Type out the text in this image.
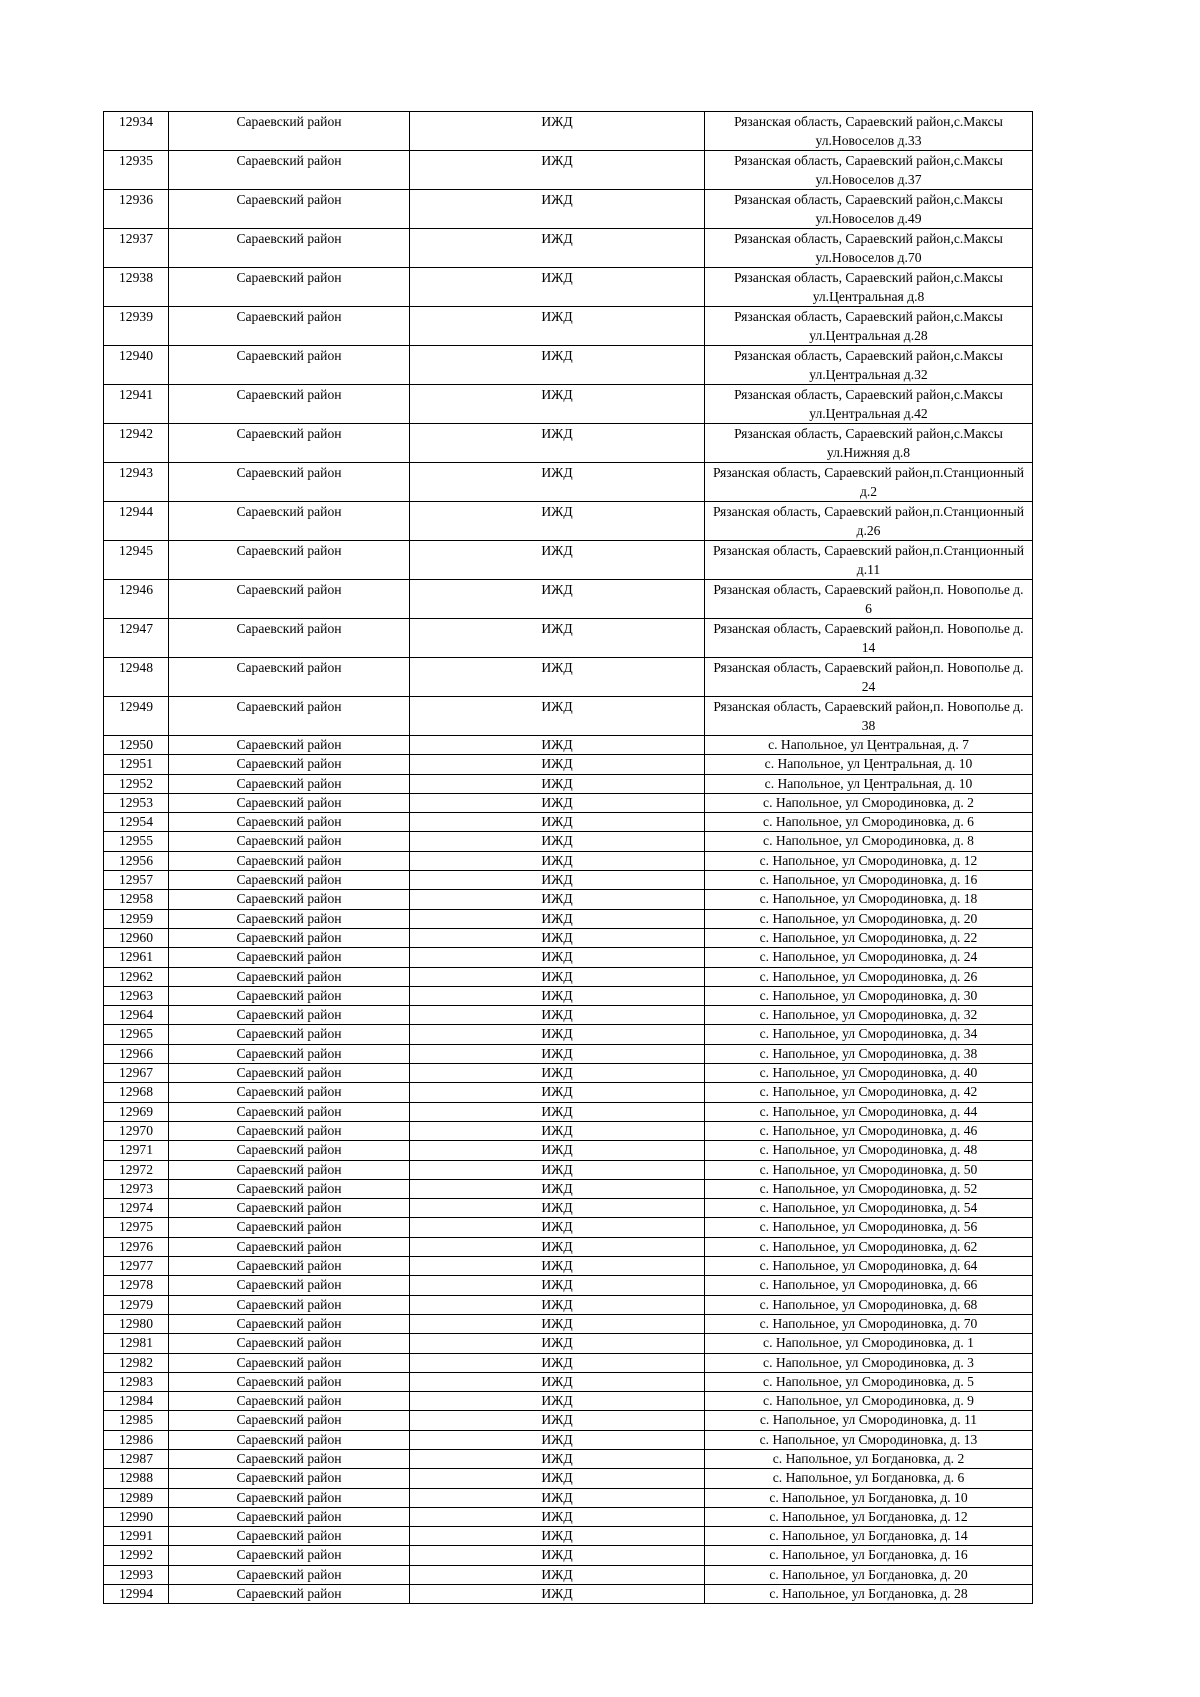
12934	Сараевский район	ИЖД	Рязанская область, Сараевский район,с.Максы ул.Новоселов д.33
12935	Сараевский район	ИЖД	Рязанская область, Сараевский район,с.Максы ул.Новоселов д.37
12936	Сараевский район	ИЖД	Рязанская область, Сараевский район,с.Максы ул.Новоселов д.49
12937	Сараевский район	ИЖД	Рязанская область, Сараевский район,с.Максы ул.Новоселов д.70
12938	Сараевский район	ИЖД	Рязанская область, Сараевский район,с.Максы ул.Центральная д.8
12939	Сараевский район	ИЖД	Рязанская область, Сараевский район,с.Максы ул.Центральная д.28
12940	Сараевский район	ИЖД	Рязанская область, Сараевский район,с.Максы ул.Центральная д.32
12941	Сараевский район	ИЖД	Рязанская область, Сараевский район,с.Максы ул.Центральная д.42
12942	Сараевский район	ИЖД	Рязанская область, Сараевский район,с.Максы ул.Нижняя д.8
12943	Сараевский район	ИЖД	Рязанская область, Сараевский район,п.Станционный д.2
12944	Сараевский район	ИЖД	Рязанская область, Сараевский район,п.Станционный д.26
12945	Сараевский район	ИЖД	Рязанская область, Сараевский район,п.Станционный д.11
12946	Сараевский район	ИЖД	Рязанская область, Сараевский район,п. Новополье д. 6
12947	Сараевский район	ИЖД	Рязанская область, Сараевский район,п. Новополье д. 14
12948	Сараевский район	ИЖД	Рязанская область, Сараевский район,п. Новополье д. 24
12949	Сараевский район	ИЖД	Рязанская область, Сараевский район,п. Новополье д. 38
12950	Сараевский район	ИЖД	с. Напольное, ул Центральная, д. 7
12951	Сараевский район	ИЖД	с. Напольное, ул Центральная, д. 10
12952	Сараевский район	ИЖД	с. Напольное, ул Центральная, д. 10
12953	Сараевский район	ИЖД	с. Напольное, ул Смородиновка, д. 2
12954	Сараевский район	ИЖД	с. Напольное, ул Смородиновка, д. 6
12955	Сараевский район	ИЖД	с. Напольное, ул Смородиновка, д. 8
12956	Сараевский район	ИЖД	с. Напольное, ул Смородиновка, д. 12
12957	Сараевский район	ИЖД	с. Напольное, ул Смородиновка, д. 16
12958	Сараевский район	ИЖД	с. Напольное, ул Смородиновка, д. 18
12959	Сараевский район	ИЖД	с. Напольное, ул Смородиновка, д. 20
12960	Сараевский район	ИЖД	с. Напольное, ул Смородиновка, д. 22
12961	Сараевский район	ИЖД	с. Напольное, ул Смородиновка, д. 24
12962	Сараевский район	ИЖД	с. Напольное, ул Смородиновка, д. 26
12963	Сараевский район	ИЖД	с. Напольное, ул Смородиновка, д. 30
12964	Сараевский район	ИЖД	с. Напольное, ул Смородиновка, д. 32
12965	Сараевский район	ИЖД	с. Напольное, ул Смородиновка, д. 34
12966	Сараевский район	ИЖД	с. Напольное, ул Смородиновка, д. 38
12967	Сараевский район	ИЖД	с. Напольное, ул Смородиновка, д. 40
12968	Сараевский район	ИЖД	с. Напольное, ул Смородиновка, д. 42
12969	Сараевский район	ИЖД	с. Напольное, ул Смородиновка, д. 44
12970	Сараевский район	ИЖД	с. Напольное, ул Смородиновка, д. 46
12971	Сараевский район	ИЖД	с. Напольное, ул Смородиновка, д. 48
12972	Сараевский район	ИЖД	с. Напольное, ул Смородиновка, д. 50
12973	Сараевский район	ИЖД	с. Напольное, ул Смородиновка, д. 52
12974	Сараевский район	ИЖД	с. Напольное, ул Смородиновка, д. 54
12975	Сараевский район	ИЖД	с. Напольное, ул Смородиновка, д. 56
12976	Сараевский район	ИЖД	с. Напольное, ул Смородиновка, д. 62
12977	Сараевский район	ИЖД	с. Напольное, ул Смородиновка, д. 64
12978	Сараевский район	ИЖД	с. Напольное, ул Смородиновка, д. 66
12979	Сараевский район	ИЖД	с. Напольное, ул Смородиновка, д. 68
12980	Сараевский район	ИЖД	с. Напольное, ул Смородиновка, д. 70
12981	Сараевский район	ИЖД	с. Напольное, ул Смородиновка, д. 1
12982	Сараевский район	ИЖД	с. Напольное, ул Смородиновка, д. 3
12983	Сараевский район	ИЖД	с. Напольное, ул Смородиновка, д. 5
12984	Сараевский район	ИЖД	с. Напольное, ул Смородиновка, д. 9
12985	Сараевский район	ИЖД	с. Напольное, ул Смородиновка, д. 11
12986	Сараевский район	ИЖД	с. Напольное, ул Смородиновка, д. 13
12987	Сараевский район	ИЖД	с. Напольное, ул Богдановка, д. 2
12988	Сараевский район	ИЖД	с. Напольное, ул Богдановка, д. 6
12989	Сараевский район	ИЖД	с. Напольное, ул Богдановка, д. 10
12990	Сараевский район	ИЖД	с. Напольное, ул Богдановка, д. 12
12991	Сараевский район	ИЖД	с. Напольное, ул Богдановка, д. 14
12992	Сараевский район	ИЖД	с. Напольное, ул Богдановка, д. 16
12993	Сараевский район	ИЖД	с. Напольное, ул Богдановка, д. 20
12994	Сараевский район	ИЖД	с. Напольное, ул Богдановка, д. 28
